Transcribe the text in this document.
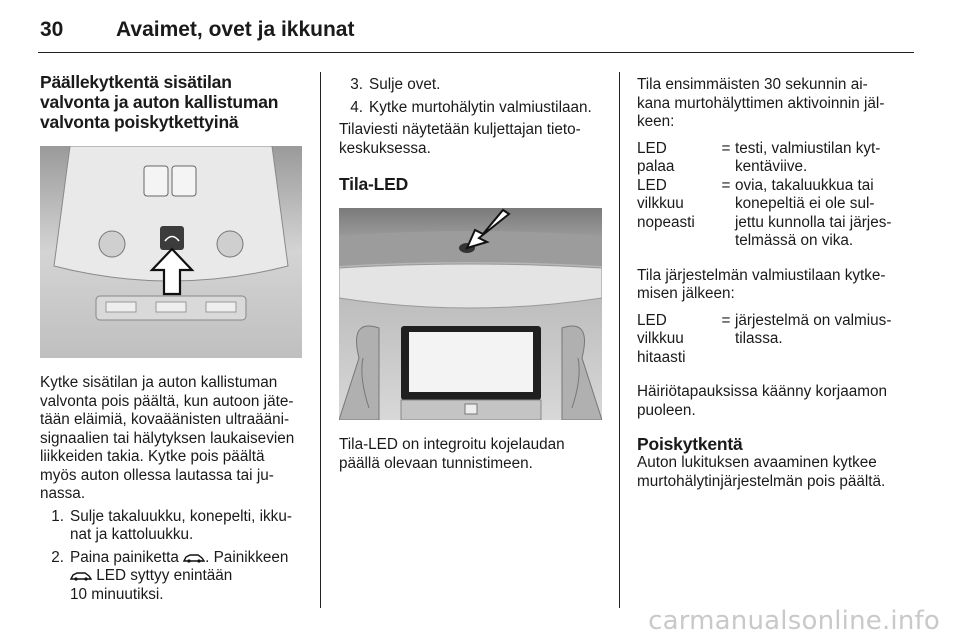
30	Avaimet, ovet ja ikkunat
Päällekytkentä sisätilan
valvonta ja auton kallistuman
valvonta poiskytkettyinä

Kytke sisätilan ja auton kallistuman
valvonta pois päältä, kun autoon jäte-
tään eläimiä, kovaäänisten ultraääni-
signaalien tai hälytyksen laukaisevien
liikkeiden takia. Kytke pois päältä
myös auton ollessa lautassa tai ju-
nassa.

1. Sulje takaluukku, konepelti, ikku-
nat ja kattoluukku.
2. Paina painiketta . Painikkeen
LED syttyy enintään
10 minuutiksi.
3. Sulje ovet.
4. Kytke murtohälytin valmiustilaan.

Tilaviesti näytetään kuljettajan tieto-
keskuksessa.

Tila-LED

Tila-LED on integroitu kojelaudan
päällä olevaan tunnistimeen.

Tila ensimmäisten 30 sekunnin ai-
kana murtohälyttimen aktivoinnin jäl-
keen:

LED
palaa
= testi, valmiustilan kyt-
kentäviive.
LED
vilkkuu
nopeasti
= ovia, takaluukkua tai
konepeltiä ei ole sul-
jettu kunnolla tai järjes-
telmässä on vika.

Tila järjestelmän valmiustilaan kytke-
misen jälkeen:

LED
vilkkuu
hitaasti
= järjestelmä on valmius-
tilassa.

Häiriötapauksissa käänny korjaamon
puoleen.

Poiskytkentä

Auton lukituksen avaaminen kytkee
murtohälytinjärjestelmän pois päältä.

carmanualsonline.info
